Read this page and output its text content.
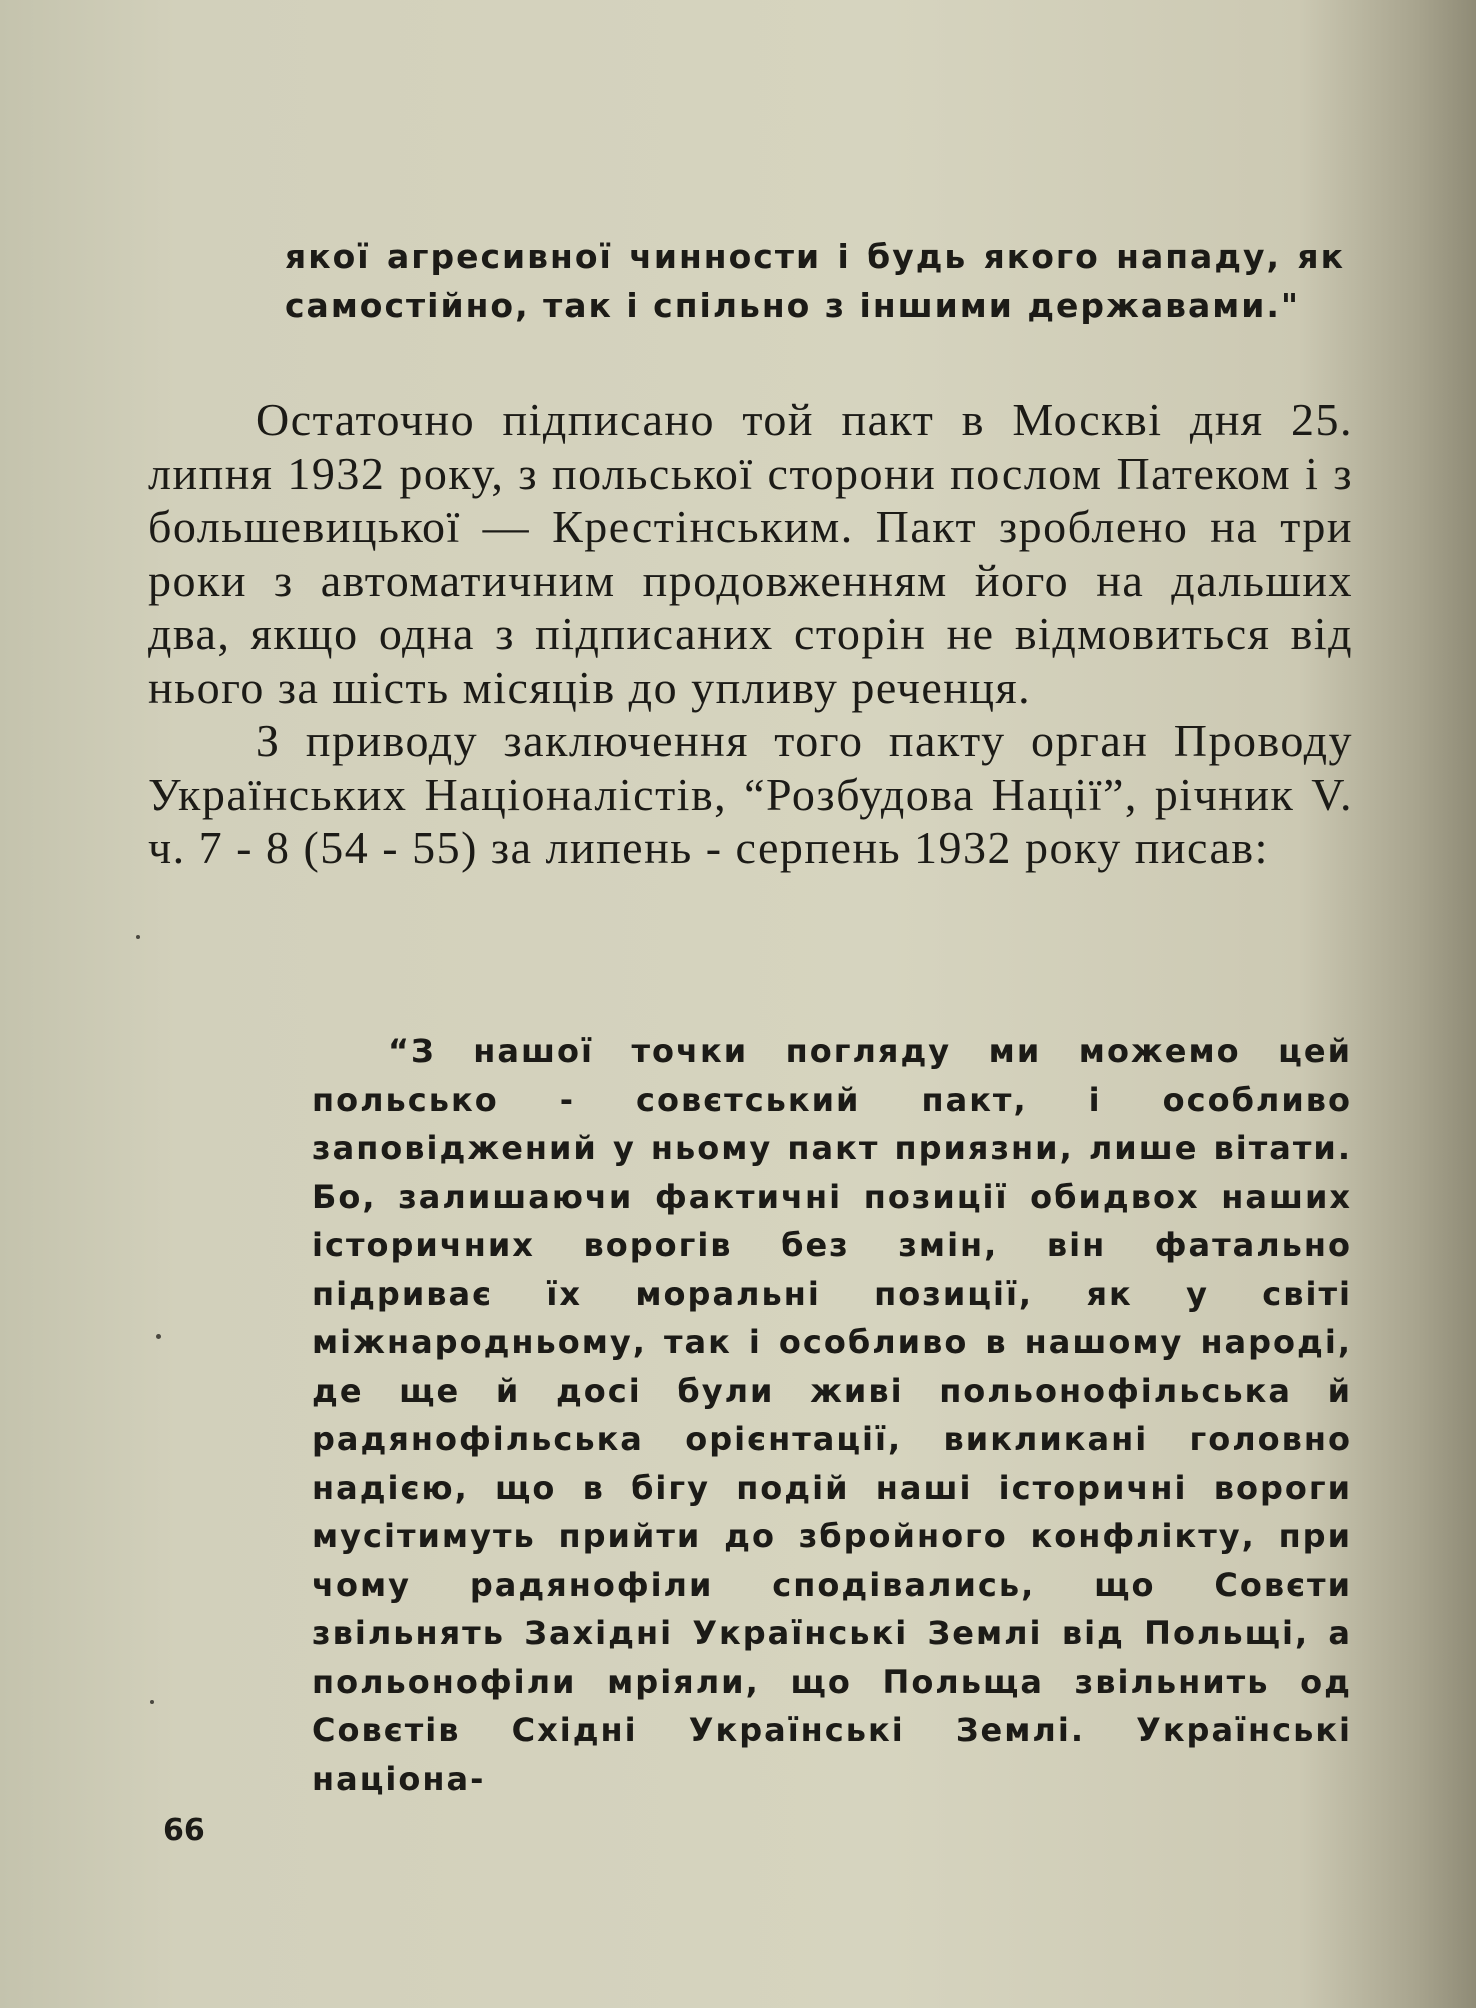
якої агресивної чинности і будь якого нападу, як самостійно, так і спільно з іншими державами."

Остаточно підписано той пакт в Москві дня 25. липня 1932 року, з польської сторони послом Патеком і з большевицької — Крестінським. Пакт зроблено на три роки з автоматичним продовженням його на дальших два, якщо одна з підписаних сторін не відмовиться від нього за шість місяців до упливу реченця.

З приводу заключення того пакту орган Проводу Українських Націоналістів, “Розбудова Нації”, річник V. ч. 7 - 8 (54 - 55) за липень - серпень 1932 року писав:

“З нашої точки погляду ми можемо цей польсько - совєтський пакт, і особливо заповіджений у ньому пакт приязни, лише вітати. Бо, залишаючи фактичні позиції обидвох наших історичних ворогів без змін, він фатально підриває їх моральні позиції, як у світі міжнародньому, так і особливо в нашому народі, де ще й досі були живі польонофільська й радянофільська орієнтації, викликані головно надією, що в бігу подій наші історичні вороги мусітимуть прийти до збройного конфлікту, при чому радянофіли сподівались, що Совєти звільнять Західні Українські Землі від Польщі, а польонофіли мріяли, що Польща звільнить од Совєтів Східні Українські Землі. Українські націона-

66
